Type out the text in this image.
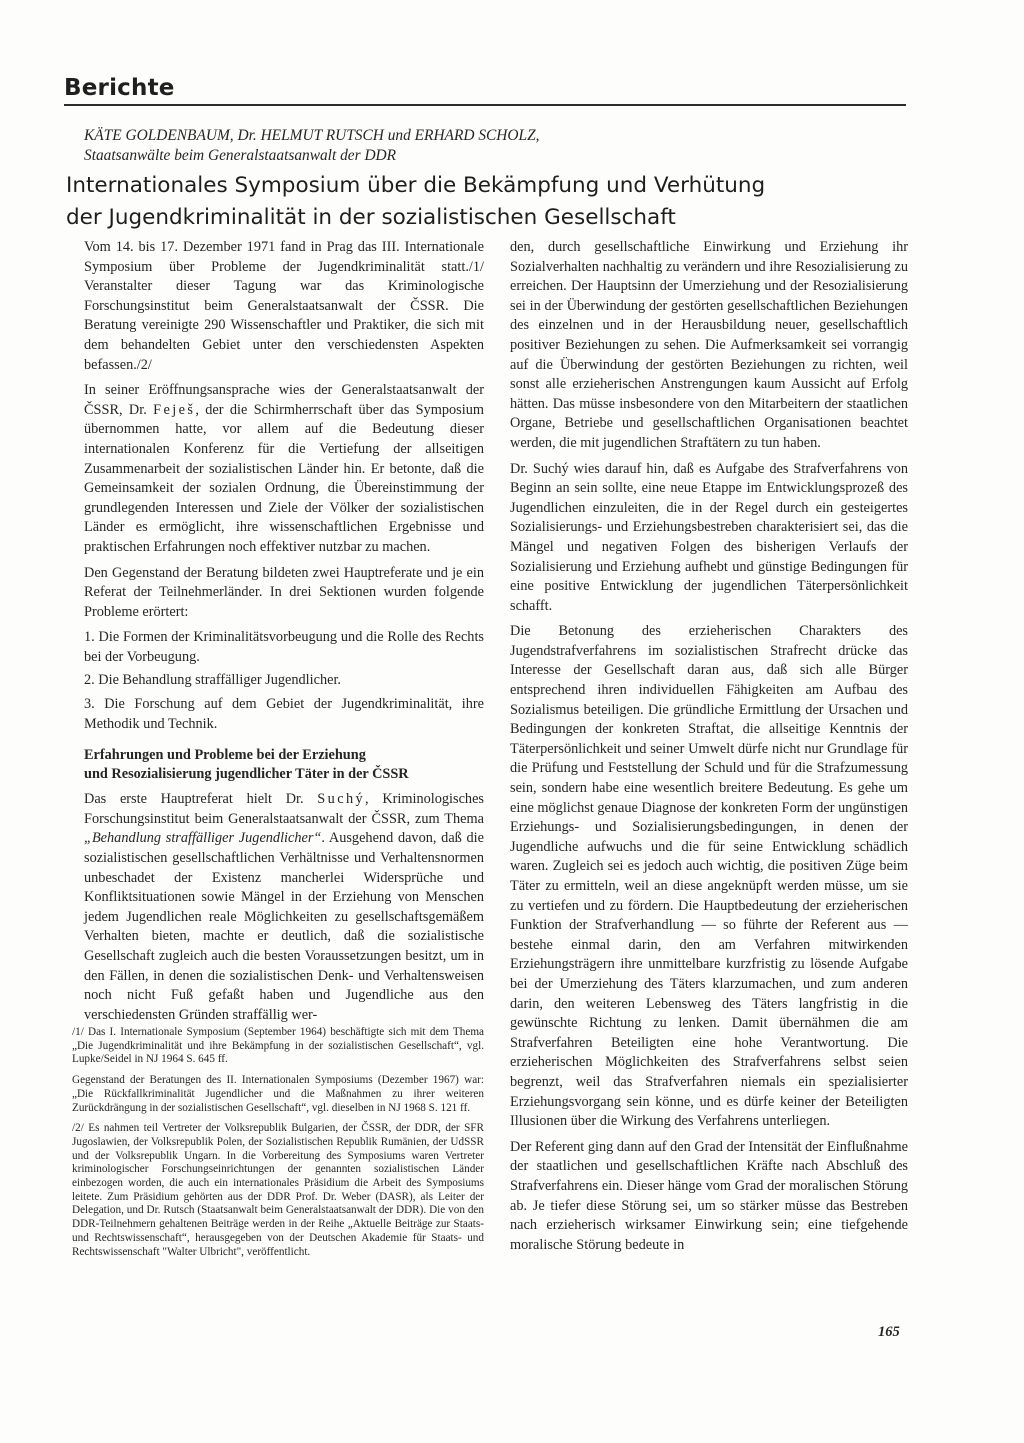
Berichte
KÄTE GOLDENBAUM, Dr. HELMUT RUTSCH und ERHARD SCHOLZ,
Staatsanwälte beim Generalstaatsanwalt der DDR
Internationales Symposium über die Bekämpfung und Verhütung
der Jugendkriminalität in der sozialistischen Gesellschaft

Vom 14. bis 17. Dezember 1971 fand in Prag das III. Internationale Symposium über Probleme der Jugendkriminalität statt./1/ Veranstalter dieser Tagung war das Kriminologische Forschungsinstitut beim Generalstaatsanwalt der ČSSR. Die Beratung vereinigte 290 Wissenschaftler und Praktiker, die sich mit dem behandelten Gebiet unter den verschiedensten Aspekten befassen./2/

In seiner Eröffnungsansprache wies der Generalstaatsanwalt der ČSSR, Dr. Feješ, der die Schirmherrschaft über das Symposium übernommen hatte, vor allem auf die Bedeutung dieser internationalen Konferenz für die Vertiefung der allseitigen Zusammenarbeit der sozialistischen Länder hin. Er betonte, daß die Gemeinsamkeit der sozialen Ordnung, die Übereinstimmung der grundlegenden Interessen und Ziele der Völker der sozialistischen Länder es ermöglicht, ihre wissenschaftlichen Ergebnisse und praktischen Erfahrungen noch effektiver nutzbar zu machen.

Den Gegenstand der Beratung bildeten zwei Hauptreferate und je ein Referat der Teilnehmerländer. In drei Sektionen wurden folgende Probleme erörtert:

1. Die Formen der Kriminalitätsvorbeugung und die Rolle des Rechts bei der Vorbeugung.

2. Die Behandlung straffälliger Jugendlicher.

3. Die Forschung auf dem Gebiet der Jugendkriminalität, ihre Methodik und Technik.

Erfahrungen und Probleme bei der Erziehung
und Resozialisierung jugendlicher Täter in der ČSSR

Das erste Hauptreferat hielt Dr. Suchý, Kriminologisches Forschungsinstitut beim Generalstaatsanwalt der ČSSR, zum Thema „Behandlung straffälliger Jugendlicher“. Ausgehend davon, daß die sozialistischen gesellschaftlichen Verhältnisse und Verhaltensnormen unbeschadet der Existenz mancherlei Widersprüche und Konfliktsituationen sowie Mängel in der Erziehung von Menschen jedem Jugendlichen reale Möglichkeiten zu gesellschaftsgemäßem Verhalten bieten, machte er deutlich, daß die sozialistische Gesellschaft zugleich auch die besten Voraussetzungen besitzt, um in den Fällen, in denen die sozialistischen Denk- und Verhaltensweisen noch nicht Fuß gefaßt haben und Jugendliche aus den verschiedensten Gründen straffällig wer-

/1/ Das I. Internationale Symposium (September 1964) beschäftigte sich mit dem Thema „Die Jugendkriminalität und ihre Bekämpfung in der sozialistischen Gesellschaft“, vgl. Lupke/Seidel in NJ 1964 S. 645 ff.

Gegenstand der Beratungen des II. Internationalen Symposiums (Dezember 1967) war: „Die Rückfallkriminalität Jugendlicher und die Maßnahmen zu ihrer weiteren Zurückdrängung in der sozialistischen Gesellschaft“, vgl. dieselben in NJ 1968 S. 121 ff.

/2/ Es nahmen teil Vertreter der Volksrepublik Bulgarien, der ČSSR, der DDR, der SFR Jugoslawien, der Volksrepublik Polen, der Sozialistischen Republik Rumänien, der UdSSR und der Volksrepublik Ungarn. In die Vorbereitung des Symposiums waren Vertreter kriminologischer Forschungseinrichtungen der genannten sozialistischen Länder einbezogen worden, die auch ein internationales Präsidium die Arbeit des Symposiums leitete. Zum Präsidium gehörten aus der DDR Prof. Dr. Weber (DASR), als Leiter der Delegation, und Dr. Rutsch (Staatsanwalt beim Generalstaatsanwalt der DDR). Die von den DDR-Teilnehmern gehaltenen Beiträge werden in der Reihe „Aktuelle Beiträge zur Staats- und Rechtswissenschaft“, herausgegeben von der Deutschen Akademie für Staats- und Rechtswissenschaft "Walter Ulbricht", veröffentlicht.

den, durch gesellschaftliche Einwirkung und Erziehung ihr Sozialverhalten nachhaltig zu verändern und ihre Resozialisierung zu erreichen. Der Hauptsinn der Umerziehung und der Resozialisierung sei in der Überwindung der gestörten gesellschaftlichen Beziehungen des einzelnen und in der Herausbildung neuer, gesellschaftlich positiver Beziehungen zu sehen. Die Aufmerksamkeit sei vorrangig auf die Überwindung der gestörten Beziehungen zu richten, weil sonst alle erzieherischen Anstrengungen kaum Aussicht auf Erfolg hätten. Das müsse insbesondere von den Mitarbeitern der staatlichen Organe, Betriebe und gesellschaftlichen Organisationen beachtet werden, die mit jugendlichen Straftätern zu tun haben.

Dr. Suchý wies darauf hin, daß es Aufgabe des Strafverfahrens von Beginn an sein sollte, eine neue Etappe im Entwicklungsprozeß des Jugendlichen einzuleiten, die in der Regel durch ein gesteigertes Sozialisierungs- und Erziehungsbestreben charakterisiert sei, das die Mängel und negativen Folgen des bisherigen Verlaufs der Sozialisierung und Erziehung aufhebt und günstige Bedingungen für eine positive Entwicklung der jugendlichen Täterpersönlichkeit schafft.

Die Betonung des erzieherischen Charakters des Jugendstrafverfahrens im sozialistischen Strafrecht drücke das Interesse der Gesellschaft daran aus, daß sich alle Bürger entsprechend ihren individuellen Fähigkeiten am Aufbau des Sozialismus beteiligen. Die gründliche Ermittlung der Ursachen und Bedingungen der konkreten Straftat, die allseitige Kenntnis der Täterpersönlichkeit und seiner Umwelt dürfe nicht nur Grundlage für die Prüfung und Feststellung der Schuld und für die Strafzumessung sein, sondern habe eine wesentlich breitere Bedeutung. Es gehe um eine möglichst genaue Diagnose der konkreten Form der ungünstigen Erziehungs- und Sozialisierungsbedingungen, in denen der Jugendliche aufwuchs und die für seine Entwicklung schädlich waren. Zugleich sei es jedoch auch wichtig, die positiven Züge beim Täter zu ermitteln, weil an diese angeknüpft werden müsse, um sie zu vertiefen und zu fördern. Die Hauptbedeutung der erzieherischen Funktion der Strafverhandlung — so führte der Referent aus — bestehe einmal darin, den am Verfahren mitwirkenden Erziehungsträgern ihre unmittelbare kurzfristig zu lösende Aufgabe bei der Umerziehung des Täters klarzumachen, und zum anderen darin, den weiteren Lebensweg des Täters langfristig in die gewünschte Richtung zu lenken. Damit übernähmen die am Strafverfahren Beteiligten eine hohe Verantwortung. Die erzieherischen Möglichkeiten des Strafverfahrens selbst seien begrenzt, weil das Strafverfahren niemals ein spezialisierter Erziehungsvorgang sein könne, und es dürfe keiner der Beteiligten Illusionen über die Wirkung des Verfahrens unterliegen.

Der Referent ging dann auf den Grad der Intensität der Einflußnahme der staatlichen und gesellschaftlichen Kräfte nach Abschluß des Strafverfahrens ein. Dieser hänge vom Grad der moralischen Störung ab. Je tiefer diese Störung sei, um so stärker müsse das Bestreben nach erzieherisch wirksamer Einwirkung sein; eine tiefgehende moralische Störung bedeute in

165
